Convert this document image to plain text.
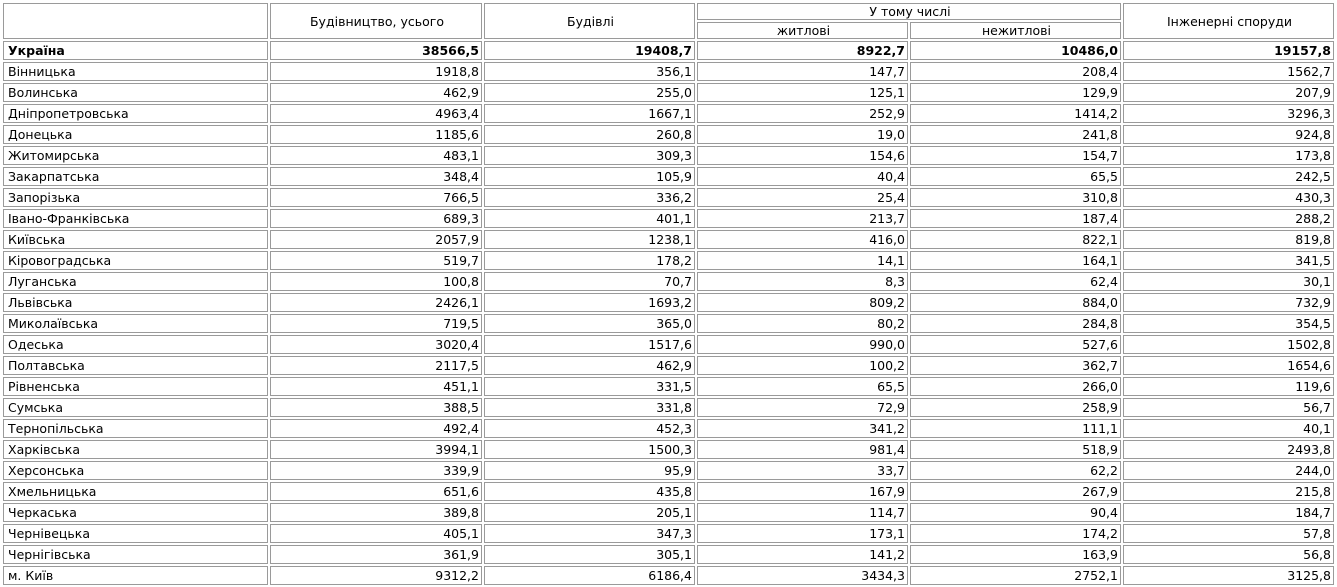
	Будівництво, усього	Будівлі	У тому числі		Інженерні споруди
			житлові	нежитлові	
Україна	38566,5	19408,7	8922,7	10486,0	19157,8
Вінницька	1918,8	356,1	147,7	208,4	1562,7
Волинська	462,9	255,0	125,1	129,9	207,9
Дніпропетровська	4963,4	1667,1	252,9	1414,2	3296,3
Донецька	1185,6	260,8	19,0	241,8	924,8
Житомирська	483,1	309,3	154,6	154,7	173,8
Закарпатська	348,4	105,9	40,4	65,5	242,5
Запорізька	766,5	336,2	25,4	310,8	430,3
Івано-Франківська	689,3	401,1	213,7	187,4	288,2
Київська	2057,9	1238,1	416,0	822,1	819,8
Кіровоградська	519,7	178,2	14,1	164,1	341,5
Луганська	100,8	70,7	8,3	62,4	30,1
Львівська	2426,1	1693,2	809,2	884,0	732,9
Миколаївська	719,5	365,0	80,2	284,8	354,5
Одеська	3020,4	1517,6	990,0	527,6	1502,8
Полтавська	2117,5	462,9	100,2	362,7	1654,6
Рівненська	451,1	331,5	65,5	266,0	119,6
Сумська	388,5	331,8	72,9	258,9	56,7
Тернопільська	492,4	452,3	341,2	111,1	40,1
Харківська	3994,1	1500,3	981,4	518,9	2493,8
Херсонська	339,9	95,9	33,7	62,2	244,0
Хмельницька	651,6	435,8	167,9	267,9	215,8
Черкаська	389,8	205,1	114,7	90,4	184,7
Чернівецька	405,1	347,3	173,1	174,2	57,8
Чернігівська	361,9	305,1	141,2	163,9	56,8
м. Київ	9312,2	6186,4	3434,3	2752,1	3125,8
